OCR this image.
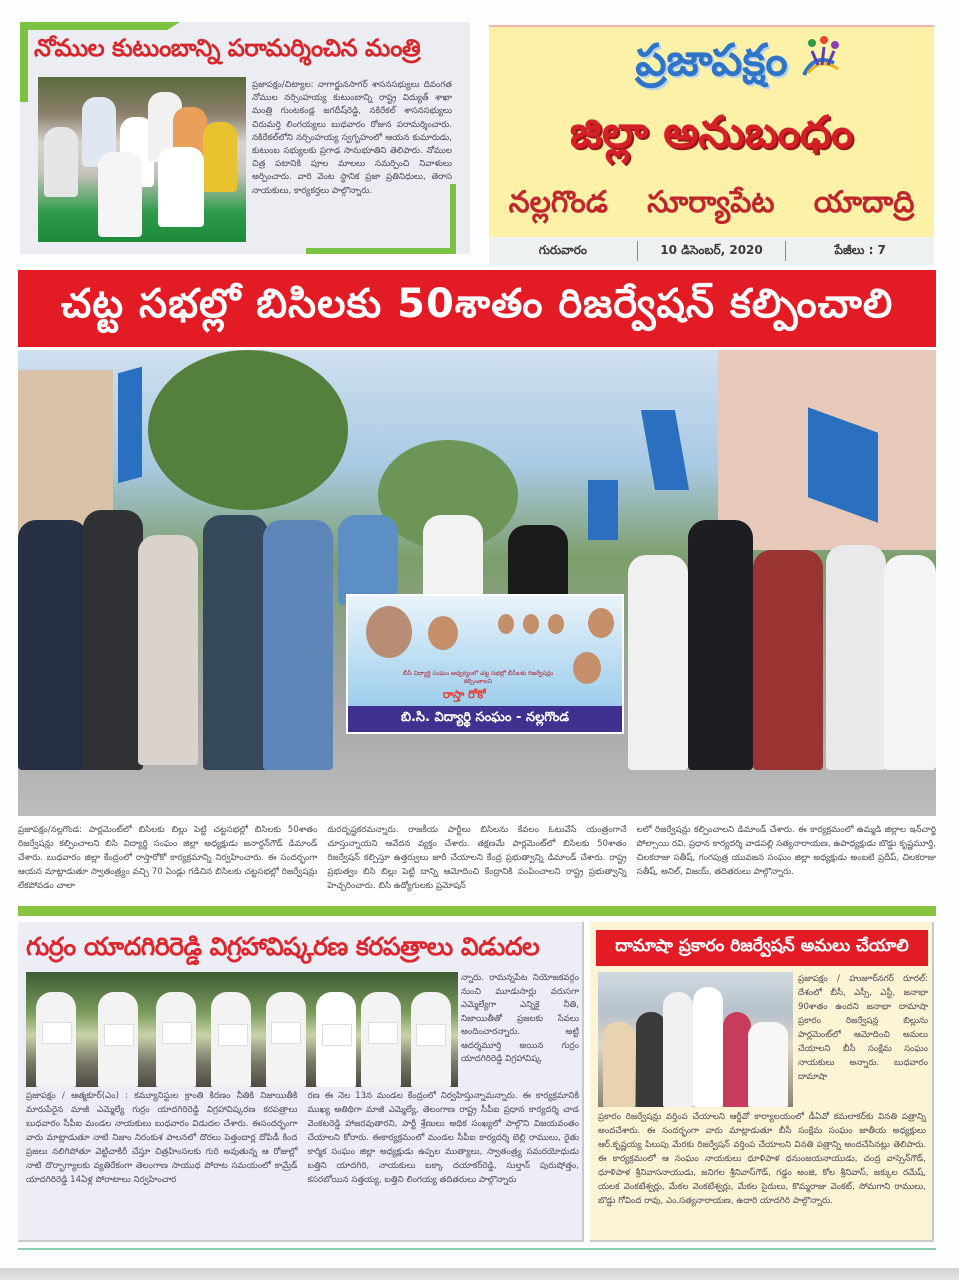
నోముల కుటుంబాన్ని పరామర్శించిన మంత్రి

ప్రజాపక్షం/చిట్యాల: నాగార్జునసాగర్ శాసనసభ్యులు దివంగత నోముల నర్సింహయ్య కుటుంబాన్ని రాష్ట్ర విద్యుత్ శాఖా మంత్రి గుంటకండ్ల జగదీష్‌రెడ్డి, నకిరేకల్ శాసనసభ్యులు చిరుమర్తి లింగయ్యలు బుధవారం రోజున పరామర్శించారు. నకిరేకల్‌లోని నర్సింహయ్య స్వగృహంలో ఆయన కుమారుడు, కుటుంబ సభ్యులకు ప్రగాఢ సానుభూతిని తెలిపారు. నోముల చిత్ర పటానికి పూల మాలలు సమర్పించి నివాళులు అర్పించారు. వారి వెంట స్థానిక ప్రజా ప్రతినిధులు, తెరాస నాయకులు, కార్యకర్తలు పాల్గొన్నారు.

ప్రజాపక్షం
జిల్లా అనుబంధం
నల్లగొండ సూర్యాపేట యాదాద్రి
గురువారం	10 డిసెంబర్, 2020	పేజీలు : 7
చట్ట సభల్లో బిసిలకు 50శాతం రిజర్వేషన్ కల్పించాలి
బీసీ విద్యార్థి సంఘం ఆధ్వర్యంలో చట్ట సభల్లో బీసీలకు రిజర్వేషన్లు కల్పించాలని
రాస్తా రోకో
బి.సి. విద్యార్థి సంఘం - నల్లగొండ

ప్రజాపక్షం/నల్లగొండ: పార్లమెంట్‌లో బిసిలకు బిల్లు పెట్టి చట్టసభల్లో బిసిలకు 50శాతం రిజర్వేషన్లు కల్పించాలని బిసి విద్యార్థి సంఘం జిల్లా అధ్యక్షుడు జనార్దన్‌గౌడ్ డిమాండ్ చేశారు. బుధవారం జిల్లా కేంద్రంలో రాస్తారోకో కార్యక్రమాన్ని నిర్వహించారు. ఈ సందర్భంగా ఆయన మాట్లాడుతూ స్వాతంత్ర్యం వచ్చి 70 ఏండ్లు గడిచిన బిసిలకు చట్టసభల్లో రిజర్వేషన్లు లేకపోవడం చాలా

దురదృష్టకరమన్నారు. రాజకీయ పార్టీలు బిసిలను కేవలం ఓటువేసే యంత్రంగానే చూస్తున్నాయని ఆవేదన వ్యక్తం చేశారు. తక్షణమే పార్లమెంట్‌లో బిసిలకు 50శాతం రిజర్వేషన్ కల్పిస్తూ ఉత్తర్వులు జారీ చేయాలని కేంద్ర ప్రభుత్వాన్ని డిమాండ్ చేశారు. రాష్ట్ర ప్రభుత్వం బిసి బిల్లు పెట్టి దాన్ని ఆమోదించి కేంద్రానికి పంపించాలని రాష్ట్ర ప్రభుత్వాన్ని హెచ్చరించారు. బిసి ఉద్యోగులకు ప్రమోషన్

లలో రిజర్వేషన్లు కల్పించాలని డిమాండ్ చేశారు. ఈ కార్యక్రమంలో ఉమ్మడి జిల్లాల ఇన్‌చార్జి పోల్సాయి రవి, ప్రధాన కార్యదర్శి వాడపల్లి సత్యనారాయణ, ఉపాధ్యక్షుడు బొడ్డు కృష్ణమూర్తి, చిలకరాజు సతీష్, గంగపుత్ర యువజన సంఘం జిల్లా అధ్యక్షుడు అంబటి ప్రదీప్, చిలకరాజు సతీష్, అనిల్, విజయ్, తదితరులు పాల్గొన్నారు.

గుర్రం యాదగిరిరెడ్డి విగ్రహావిష్కరణ కరపత్రాలు విడుదల

న్నారు. రామన్నపేట నియోజకవర్గం నుంచి మూడుసార్లు వరుసగా ఎమ్మెల్యేగా ఎన్నికై నీతి, నిజాయితీతో ప్రజలకు సేవలు అందించారన్నారు. అట్టి ఆదర్శమూర్తి అయిన గుర్రం యాదగిరిరెడ్డి విగ్రహావిష్క

ప్రజాపక్షం / ఆత్మకూర్(ఎం) : కమ్యూనిస్టుల క్రాంతి కిరణం నీతికి నిజాయితీకి మారుపేరైన మాజీ ఎమ్మెల్యే గుర్రం యాదగిరిరెడ్డి విగ్రహావిష్కరణ కరపత్రాలు బుధవారం సీపీఐ మండల నాయకులు బుధవారం విడుదల చేశారు. ఈసందర్భంగా వారు మాట్లాడుతూ నాటి నిజాం నిరంకుశ పాలనలో దొరలు పెత్తందార్ల దోపిడీ కింద ప్రజలు నలిగిపోతూ వెట్టిచాకిరీ చేస్తూ చిత్రహింసలకు గురి అవుతున్న ఆ రోజుల్లో నాటి దొర్భాగ్యాలకు వ్యతిరేకంగా తెలంగాణ సాయుధ పోరాట సమయంలో కామ్రేడ్ యాదగిరిరెడ్డి 14ఏళ్ల పోరాటాలు నిర్వహించార

రణ ఈ నెల 13న మండల కేంద్రంలో నిర్వహిస్తున్నామన్నారు. ఈ కార్యక్రమానికి ముఖ్య అతిథిగా మాజీ ఎమ్మెల్యే, తెలంగాణ రాష్ట్ర సీపీఐ ప్రధాన కార్యదర్శి చాడ వెంకటరెడ్డి హాజరవుతారని, పార్టీ శ్రేణులు అధిక సంఖ్యలో పాల్గొని విజయవంతం చేయాలని కోరారు. ఈకార్యక్రమంలో మండల సీపీఐ కార్యదర్శి బెల్లి రాములు, రైతు కార్మిక సంఘం జిల్లా అధ్యక్షుడు ఉప్పల ముత్యాలు, స్వాతంత్ర్య సమరయోధుడు బత్తిని యాదగిరి, నాయకులు బక్కా దయాకర్‌రెడ్డి, సుల్తాన్ పురుషోత్తం, కసరబోయిన సత్తయ్య, బత్తిని లింగయ్య తదితరులు పాల్గొన్నారు

దామాషా ప్రకారం రిజర్వేషన్ అమలు చేయాలి

ప్రజాపక్షం / హుజూర్‌నగర్ రూరల్: దేశంలో బీసీ, ఎస్సీ, ఎస్టీ, జనాభా 90శాతం ఉందని జనాభా దామాషా ప్రకారం రిజర్వేషన్ల బిల్లును పార్లమెంట్‌లో ఆమోదించి అమలు చేయాలని బీసీ సంక్షేమ సంఘం నాయకులు అన్నారు. బుధవారం దామాషా

ప్రకారం రిజర్వేషన్లు వర్తింప చేయాలని ఆర్డీవో కార్యాలయంలో డీఏవో కమలాకర్‌కు వినతి పత్రాన్ని అందచేశారు. ఈ సందర్భంగా వారు మాట్లాడుతూ బీసీ సంక్షేమ సంఘం జాతీయ అధ్యక్షులు ఆర్.కృష్ణయ్య పిలుపు మేరకు రిజర్వేషన్ వర్తింప చేయాలని వినతి పత్రాన్ని అందచేసినట్లు తెలిపారు. ఈ కార్యక్రమంలో ఆ సంఘం నాయకులు ధూళిపాళ ధనుంజయనాయుడు, చంద్ర వాస్సెన్‌గౌడ్, ధూళిపాళ శ్రీనివాసనాయుడు, జనిగల శ్రీనివాస్‌గౌడ్, గడ్డం అంజి, కోల శ్రీనివాస్, జక్కుల రమేష్, యలక వెంకటేశ్వర్లు, మేకల వెంకటేశ్వర్లు, మేకల సైదులు, కొమ్మరాజు వెంకట్, సోమగాని రాములు, బొడ్డు గోవింద రావు, ఎం.సత్యనారాయణ, ఉదారి యాదగిరి పాల్గొన్నారు.
